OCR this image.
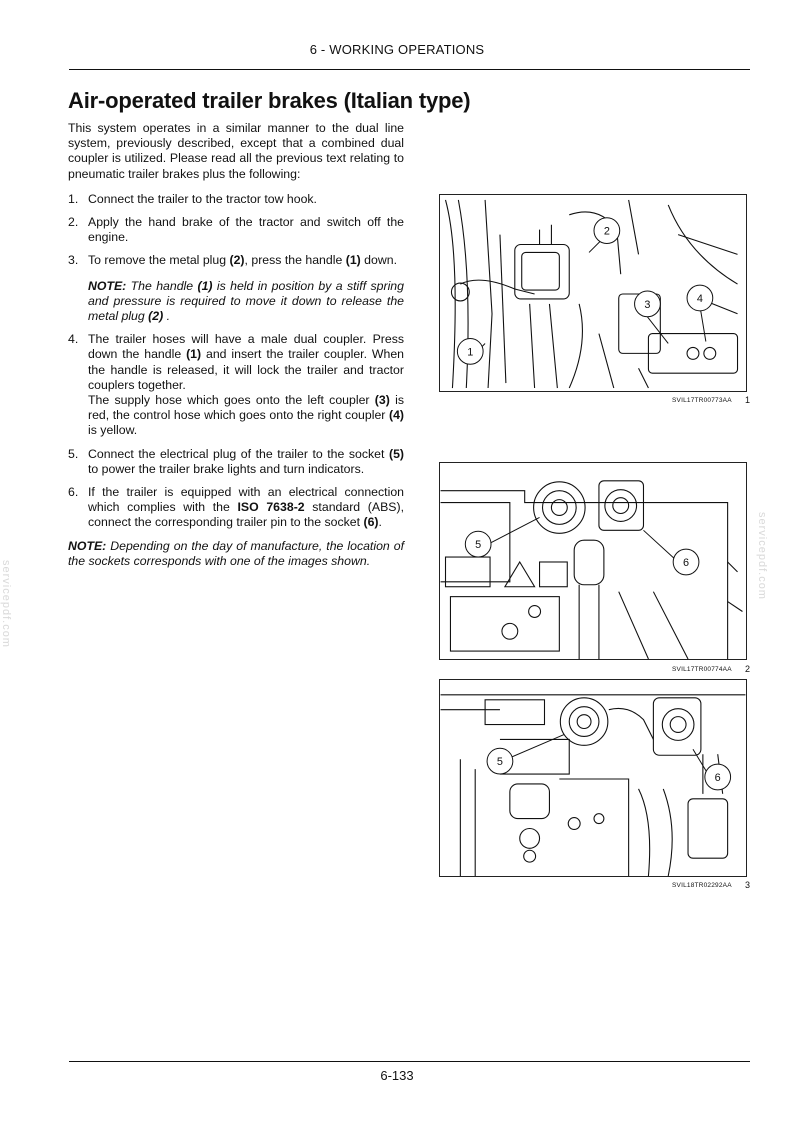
6 - WORKING OPERATIONS
Air-operated trailer brakes (Italian type)

This system operates in a similar manner to the dual line system, previously described, except that a combined dual coupler is utilized. Please read all the previous text relating to pneumatic trailer brakes plus the following:

1. Connect the trailer to the tractor tow hook.
2. Apply the hand brake of the tractor and switch off the engine.
3. To remove the metal plug (2), press the handle (1) down.

NOTE: The handle (1) is held in position by a stiff spring and pressure is required to move it down to release the metal plug (2) .

4. The trailer hoses will have a male dual coupler. Press down the handle (1) and insert the trailer coupler. When the handle is released, it will lock the trailer and tractor couplers together.
The supply hose which goes onto the left coupler (3) is red, the control hose which goes onto the right coupler (4) is yellow.
5. Connect the electrical plug of the trailer to the socket (5) to power the trailer brake lights and turn indicators.
6. If the trailer is equipped with an electrical connection which complies with the ISO 7638-2 standard (ABS), connect the corresponding trailer pin to the socket (6).

NOTE: Depending on the day of manufacture, the location of the sockets corresponds with one of the images shown.

1
2
3	4
SVIL17TR00773AA 1
5
6
SVIL17TR00774AA 2
5
6
SVIL18TR02292AA 3
servicepdf.com
servicepdf.com
6-133
